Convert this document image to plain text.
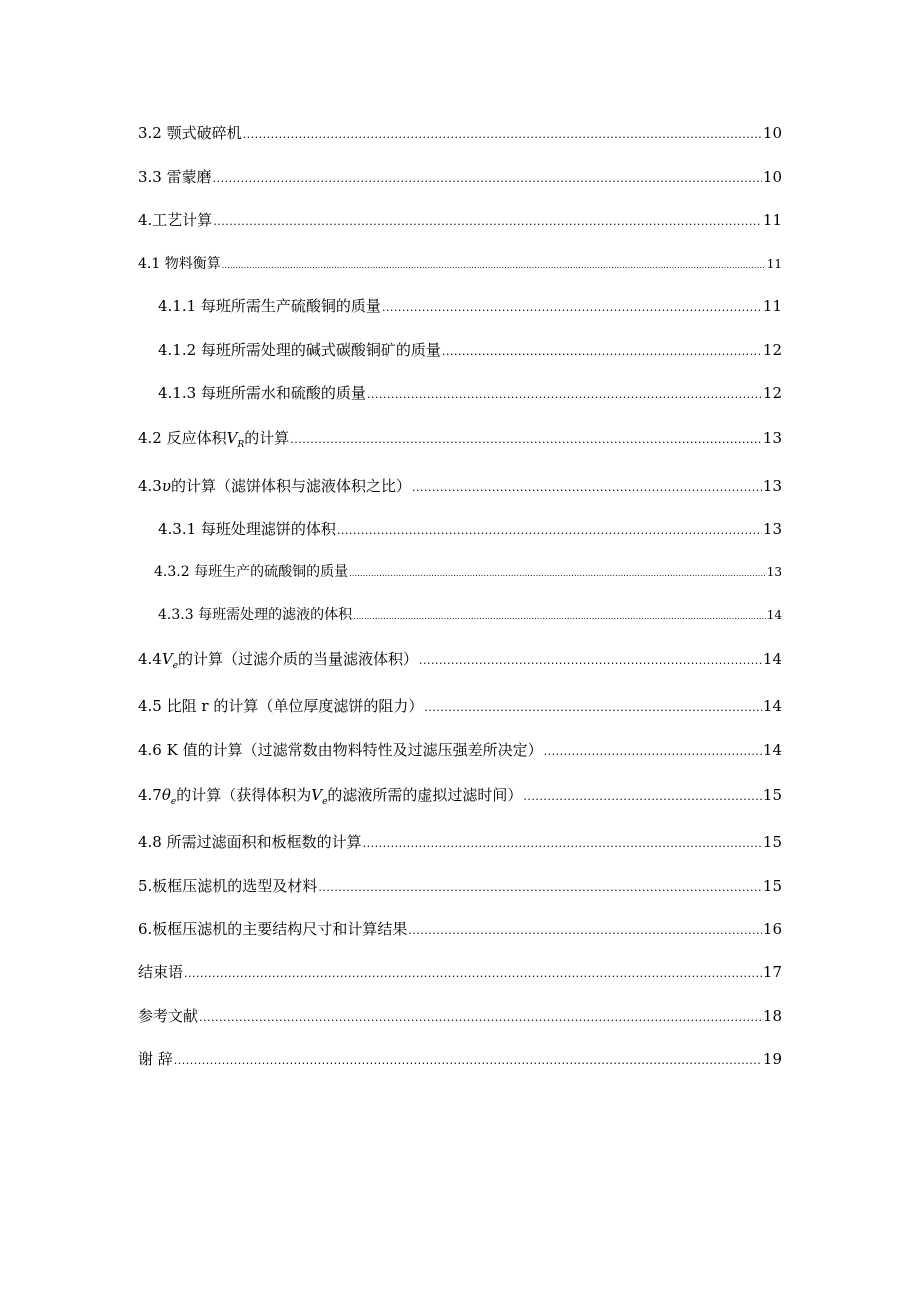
3.2 颚式破碎机 .....	10
3.3 雷蒙磨 .....	10
4.工艺计算 .....	11
4.1 物料衡算 .....	11
4.1.1 每班所需生产硫酸铜的质量 .....	11
4.1.2 每班所需处理的碱式碳酸铜矿的质量 .....	12
4.1.3 每班所需水和硫酸的质量 .....	12
4.2 反应体积 $V_R$ 的计算 .....	13
4.3 υ 的计算（滤饼体积与滤液体积之比） .....	13
4.3.1 每班处理滤饼的体积 .....	13
4.3.2 每班生产的硫酸铜的质量 .....	13
4.3.3 每班需处理的滤液的体积 .....	14
4.4 $V_e$ 的计算（过滤介质的当量滤液体积） .....	14
4.5 比阻 r 的计算（单位厚度滤饼的阻力） .....	14
4.6 K 值的计算（过滤常数由物料特性及过滤压强差所决定） .....	14
4.7 $\theta_e$ 的计算（获得体积为 $V_e$ 的滤液所需的虚拟过滤时间） .....	15
4.8 所需过滤面积和板框数的计算 .....	15
5.板框压滤机的选型及材料 .....	15
6.板框压滤机的主要结构尺寸和计算结果 .....	16
结束语 .....	17
参考文献 .....	18
谢 辞 .....	19
